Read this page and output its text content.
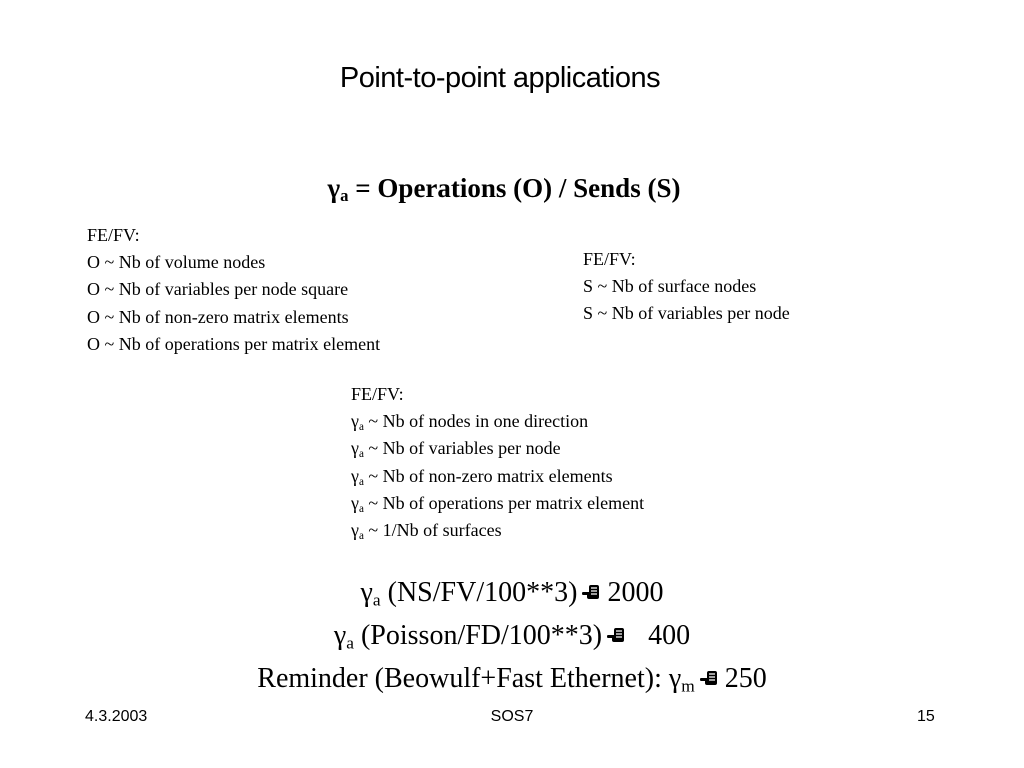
Point-to-point applications
$\gamma_a$ = Operations (O) / Sends (S)
FE/FV:
O ~ Nb of volume nodes
O ~ Nb of variables per node square
O ~ Nb of non-zero matrix elements
O ~ Nb of operations per matrix element
FE/FV:
S ~ Nb of surface nodes
S ~ Nb of variables per node
FE/FV:
$\gamma_a$ ~ Nb of nodes in one direction
$\gamma_a$ ~ Nb of variables per node
$\gamma_a$ ~ Nb of non-zero matrix elements
$\gamma_a$ ~ Nb of operations per matrix element
$\gamma_a$ ~ 1/Nb of surfaces
$\gamma_a$ (NS/FV/100**3) 2000
$\gamma_a$ (Poisson/FD/100**3) 400
Reminder (Beowulf+Fast Ethernet): $\gamma_m$ 250
4.3.2003	SOS7	15
